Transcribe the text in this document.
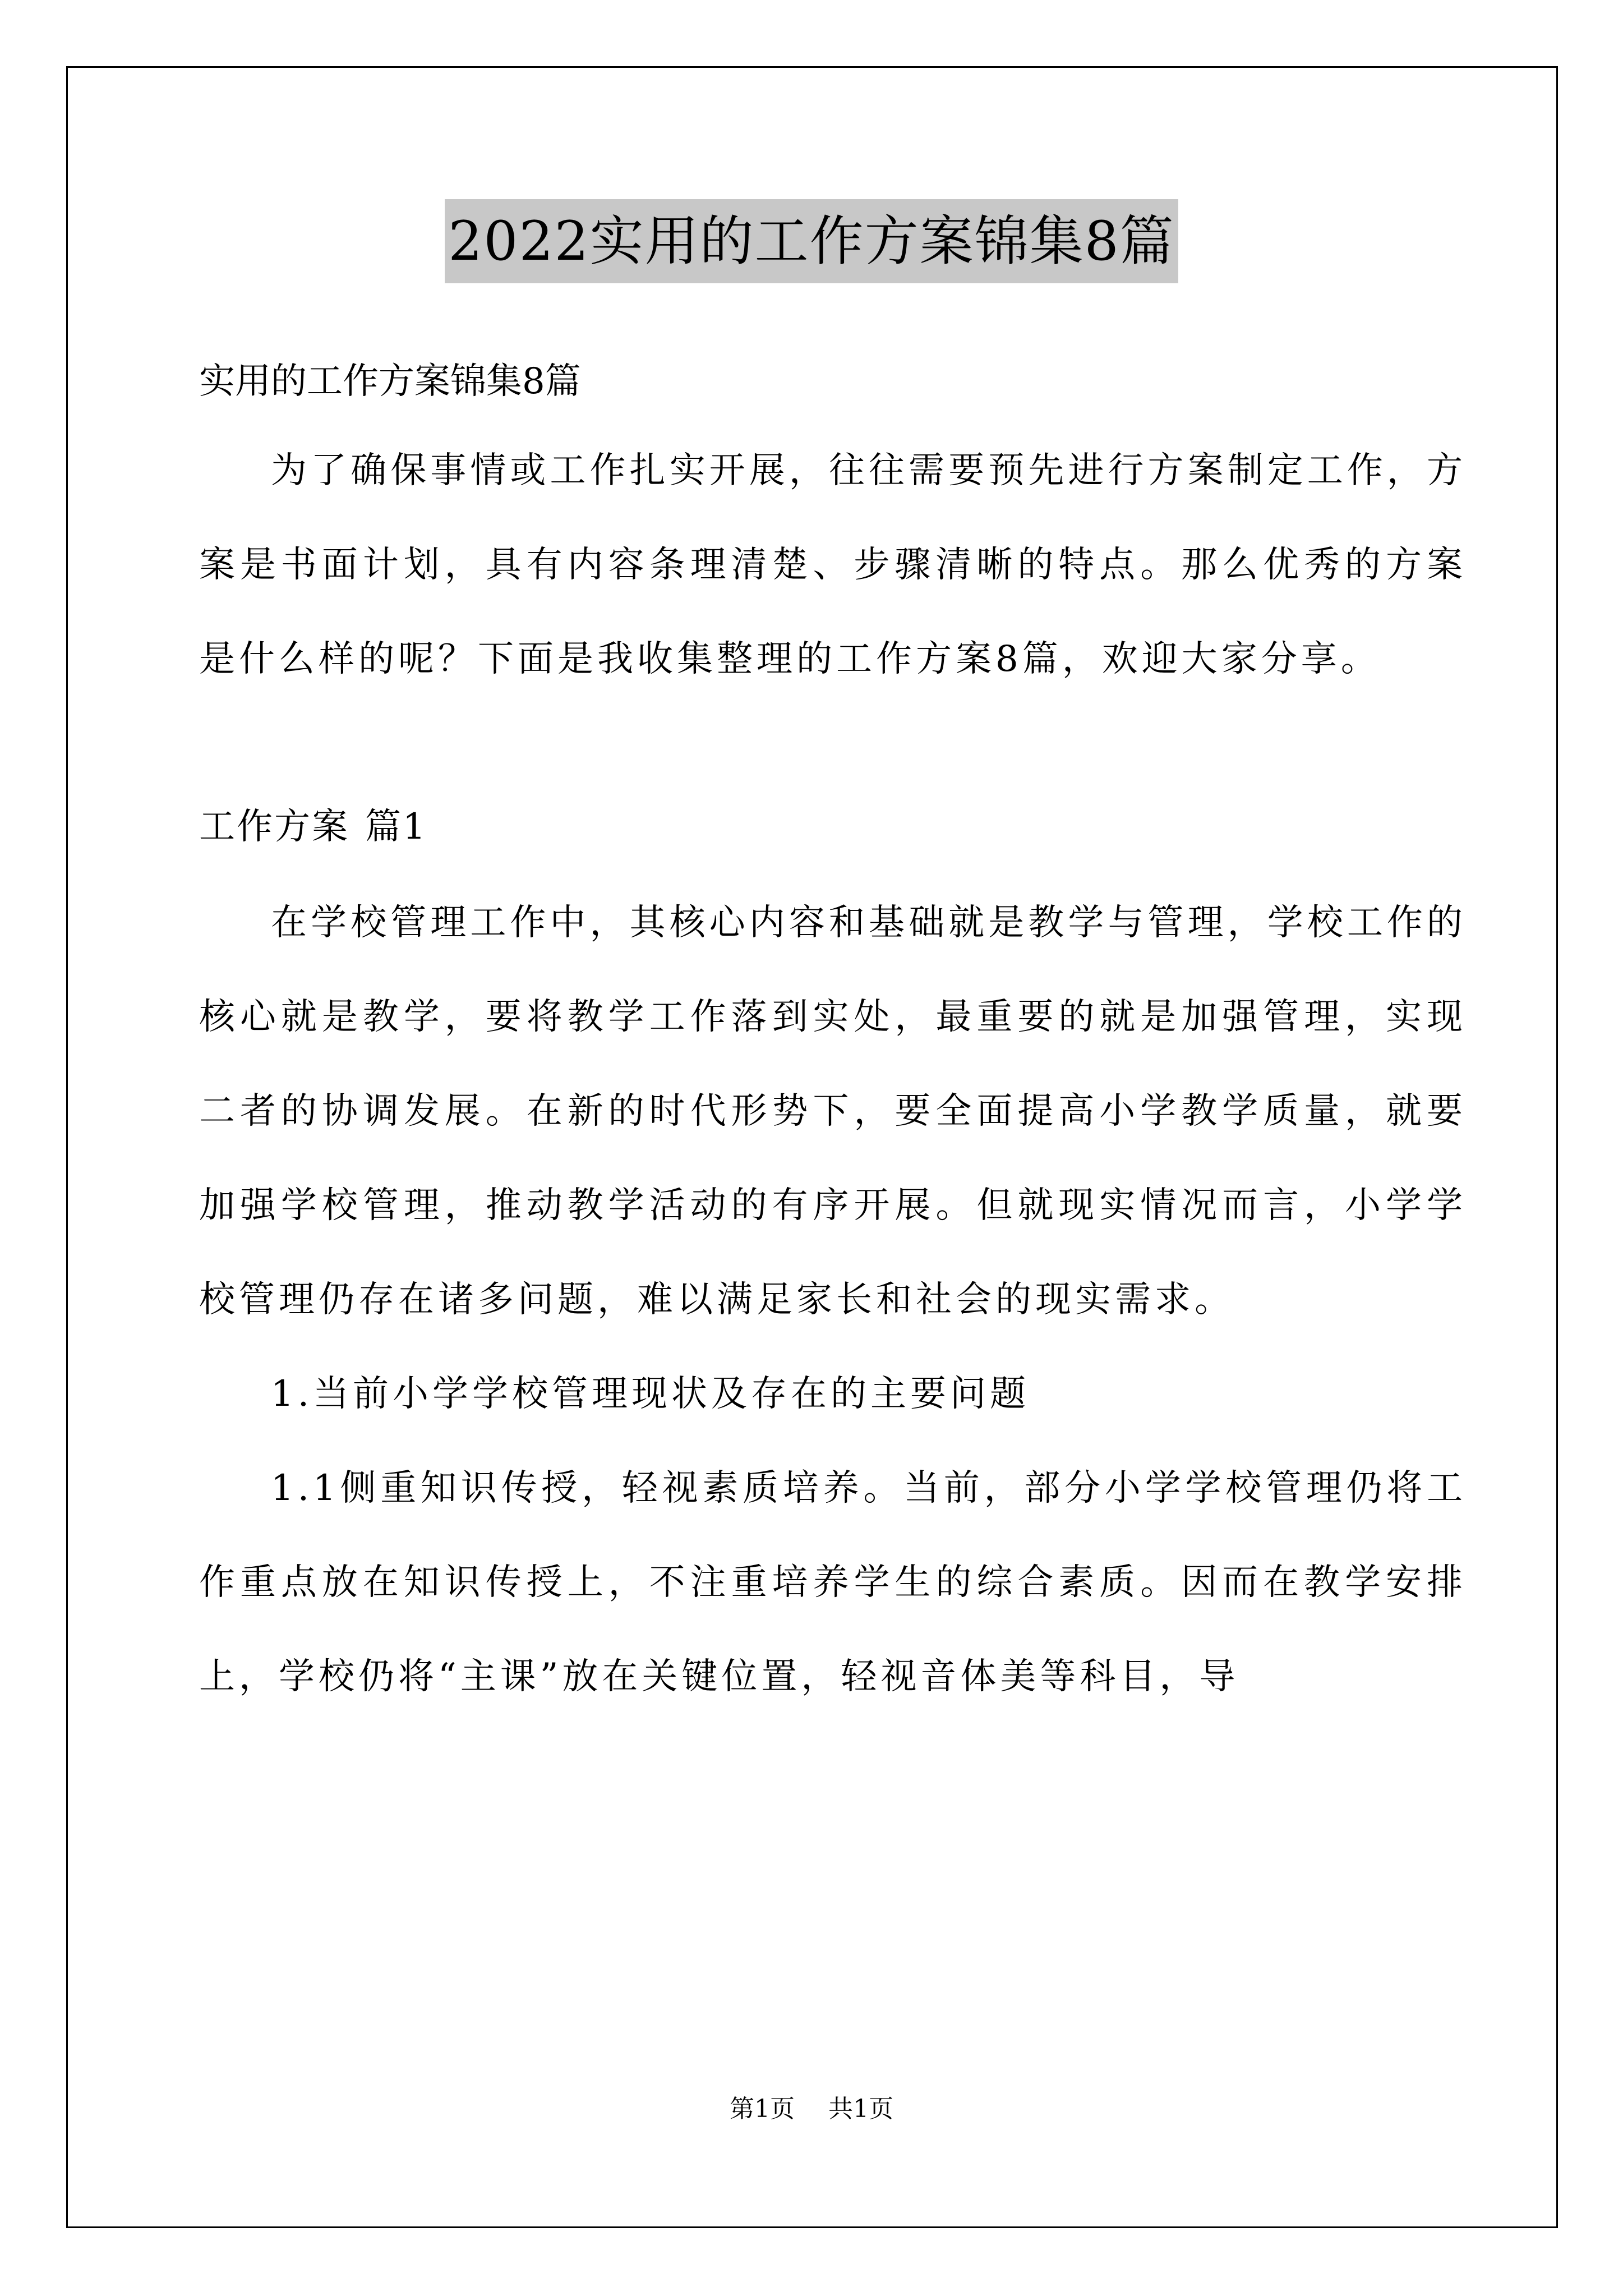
2022实用的工作方案锦集8篇
实用的工作方案锦集8篇

为了确保事情或工作扎实开展，往往需要预先进行方案制定工作，方案是书面计划，具有内容条理清楚、步骤清晰的特点。那么优秀的方案是什么样的呢？下面是我收集整理的工作方案8篇，欢迎大家分享。

工作方案 篇1

在学校管理工作中，其核心内容和基础就是教学与管理，学校工作的核心就是教学，要将教学工作落到实处，最重要的就是加强管理，实现二者的协调发展。在新的时代形势下，要全面提高小学教学质量，就要加强学校管理，推动教学活动的有序开展。但就现实情况而言，小学学校管理仍存在诸多问题，难以满足家长和社会的现实需求。

1.当前小学学校管理现状及存在的主要问题

1.1侧重知识传授，轻视素质培养。当前，部分小学学校管理仍将工作重点放在知识传授上，不注重培养学生的综合素质。因而在教学安排上，学校仍将“主课”放在关键位置，轻视音体美等科目，导

第1页 共1页
